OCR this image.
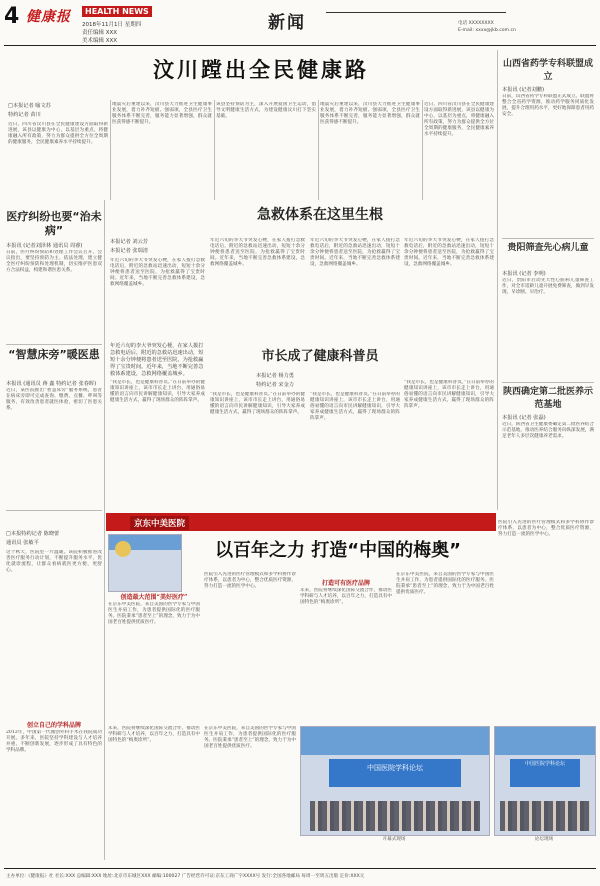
4 健康报	HEALTH NEWS
2018年11月1日 星期四
责任编辑 XXX
美术编辑 XXX
新闻	电话 XXXXXXXX
E-mail: xxxx@jkb.com.cn
汶川蹚出全民健康路
□本报记者 喻文苏
特约记者 苗川
近日，四川省汶川县在全民健康建设方面取得新进展，该县以健康为中心，以基层为重点，将健康融入所有政策，努力为群众提供全方位全周期的健康服务，全民健康素养水平持续提升。
地震灾后重建以来，汶川县大力推进卫生健康事业发展，着力补齐短板、强弱项，全县医疗卫生服务体系不断完善，服务能力显著增强，群众就医获得感不断提升。
该县坚持预防为主，深入开展爱国卫生运动，倡导文明健康生活方式，为建设健康汶川打下坚实基础。
地震灾后重建以来，汶川县大力推进卫生健康事业发展，着力补齐短板、强弱项，全县医疗卫生服务体系不断完善，服务能力显著增强，群众就医获得感不断提升。
近日，四川省汶川县在全民健康建设方面取得新进展，该县以健康为中心，以基层为重点，将健康融入所有政策，努力为群众提供全方位全周期的健康服务，全民健康素养水平持续提升。
山西省药学专科联盟成立
本报讯 (记者刘鹏)
日前，山西省药学专科联盟正式成立。联盟将整合全省药学资源，推动药学服务同质化发展，提升合理用药水平，更好地保障患者用药安全。
贵阳筛查先心病儿童
本报讯 (记者 李明)
近日，贵阳市启动先天性心脏病儿童筛查工作，对全市适龄儿童开展免费筛查，做到早发现、早诊断、早治疗。
陕西确定第二批医养示范基地
本报讯 (记者 张磊)
近日，陕西省卫生健康委确定第二批医养结合示范基地，推动医养结合服务向纵深发展，满足老年人多层次健康养老需求。
医疗纠纷也要“治未病”
本报讯 (记者刘泽林 通讯员 周睿)
日前，医疗纠纷预防和处理工作会议召开。会议指出，要坚持预防为主、依法处理，建立健全医疗纠纷预防和处理机制，切实维护医患双方合法权益，构建和谐医患关系。
“智慧床旁”暖医患
本报讯 (通讯员 蒋 鑫 特约记者 张春晖)
近日，某医院推出“智慧床旁”服务系统，患者在病床旁即可完成查询、缴费、点餐、呼叫等服务，有效改善患者就医体验，密切了医患关系。
急救体系在这里生根
本报记者 刘云芳
本报记者 张瑞清
年近六旬的李大爷突发心梗，在家人拨打急救电话后，附近的急救站迅速出动，短短十余分钟便将患者送至医院，为抢救赢得了宝贵时间。近年来，当地不断完善急救体系建设，急救网络覆盖城乡。
年近六旬的李大爷突发心梗，在家人拨打急救电话后，附近的急救站迅速出动，短短十余分钟便将患者送至医院，为抢救赢得了宝贵时间。近年来，当地不断完善急救体系建设，急救网络覆盖城乡。
年近六旬的李大爷突发心梗，在家人拨打急救电话后，附近的急救站迅速出动，短短十余分钟便将患者送至医院，为抢救赢得了宝贵时间。近年来，当地不断完善急救体系建设，急救网络覆盖城乡。
年近六旬的李大爷突发心梗，在家人拨打急救电话后，附近的急救站迅速出动，短短十余分钟便将患者送至医院，为抢救赢得了宝贵时间。近年来，当地不断完善急救体系建设，急救网络覆盖城乡。
市长成了健康科普员
年近六旬的李大爷突发心梗，在家人拨打急救电话后，附近的急救站迅速出动，短短十余分钟便将患者送至医院，为抢救赢得了宝贵时间。近年来，当地不断完善急救体系建设，急救网络覆盖城乡。	本报记者 杨力勇
特约记者 宋金力
“我是市长，也是健康科普员。”在日前举办的健康知识讲座上，该市市长走上讲台，用通俗易懂的语言向市民讲解健康知识，引导大家养成健康生活方式，赢得了现场群众的阵阵掌声。
“我是市长，也是健康科普员。”在日前举办的健康知识讲座上，该市市长走上讲台，用通俗易懂的语言向市民讲解健康知识，引导大家养成健康生活方式，赢得了现场群众的阵阵掌声。
“我是市长，也是健康科普员。”在日前举办的健康知识讲座上，该市市长走上讲台，用通俗易懂的语言向市民讲解健康知识，引导大家养成健康生活方式，赢得了现场群众的阵阵掌声。
“我是市长，也是健康科普员。”在日前举办的健康知识讲座上，该市市长走上讲台，用通俗易懂的语言向市民讲解健康知识，引导大家养成健康生活方式，赢得了现场群众的阵阵掌声。
京东中美医院
以百年之力 打造“中国的梅奥”
创造最大范围“美好医疗”
在京东中美医院，来自美国的医学专家与中国医生并肩工作，为患者提供国际化的医疗服务。医院秉承“患者至上”的理念，致力于为中国老百姓提供优质医疗。
医院引入先进的医疗管理模式和多学科协作诊疗体系，以患者为中心，整合优质医疗资源，努力打造一流的医学中心。	打造可有医疗品牌
未来，医院将继续深化国际交流合作，推动医学科研与人才培养，以百年之力，打造具有中国特色的“梅奥诊所”。
在京东中美医院，来自美国的医学专家与中国医生并肩工作，为患者提供国际化的医疗服务。医院秉承“患者至上”的理念，致力于为中国老百姓提供优质医疗。
医院引入先进的医疗管理模式和多学科协作诊疗体系，以患者为中心，整合优质医疗资源，努力打造一流的医学中心。
中国医院学科论坛
开幕式现场
中国医院学科论坛
论坛现场
未来，医院将继续深化国际交流合作，推动医学科研与人才培养，以百年之力，打造具有中国特色的“梅奥诊所”。
在京东中美医院，来自美国的医学专家与中国医生并肩工作，为患者提供国际化的医疗服务。医院秉承“患者至上”的理念，致力于为中国老百姓提供优质医疗。
□本报特约记者 陈晓蕾
通讯员 张敏平
这个秋天，医院里一片温暖。该院积极推进改善医疗服务行动计划，不断提升服务水平，优化就诊流程，让群众看病就医更方便、更舒心。
创立自己的学科品牌
2013年，中国第一代微创外科手术在我院成功开展。多年来，医院坚持学科建设与人才培养并重，不断创新发展，逐步形成了具有特色的学科品牌。
主办单位:《健康报》社 社长:XXX 总编辑:XXX 地址:北京市东城区XXX 邮编:100027 广告经营许可证:京东工商广字XXXX号 发行:全国各地邮局 每周一至周五出版 定价:XXX元
